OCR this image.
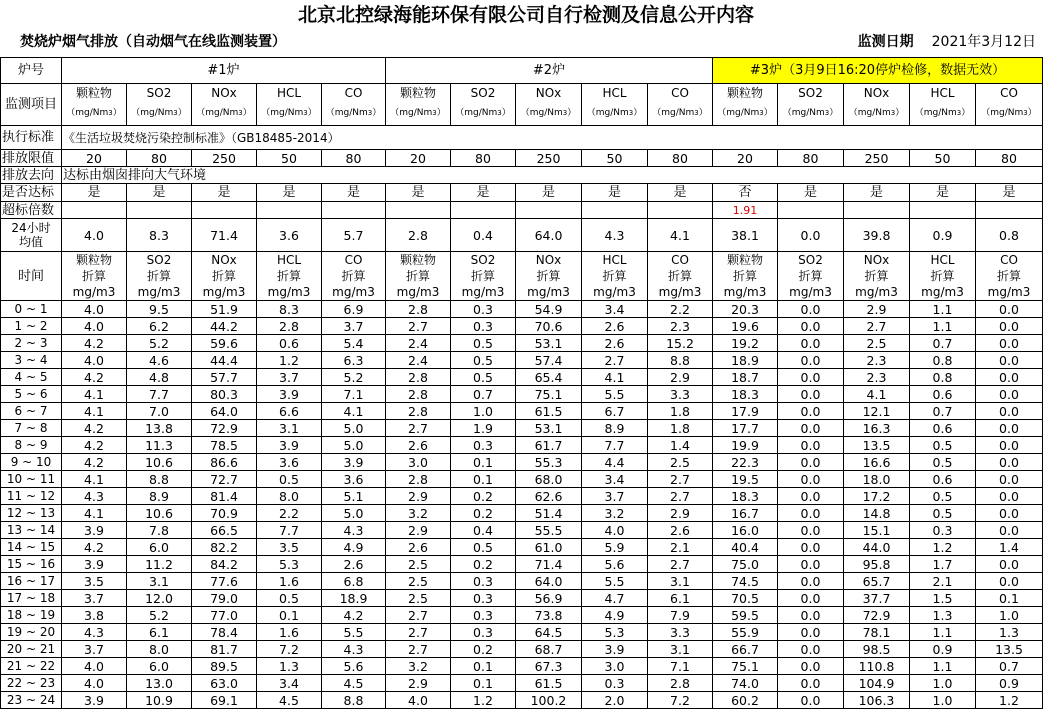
北京北控绿海能环保有限公司自行检测及信息公开内容
焚烧炉烟气排放（自动烟气在线监测装置）	监测日期 2021年3月12日
炉号	#1炉					#2炉					#3炉（3月9日16:20停炉检修，数据无效）				
监测项目	颗粒物	SO2	NOx	HCL	CO	颗粒物	SO2	NOx	HCL	CO	颗粒物	SO2	NOx	HCL	CO
	（mg/Nm$^3$）	（mg/Nm$^3$）	（mg/Nm$^3$）	（mg/Nm$^3$）	（mg/Nm$^3$）	（mg/Nm$^3$）	（mg/Nm$^3$）	（mg/Nm$^3$）	（mg/Nm$^3$）	（mg/Nm$^3$）	（mg/Nm$^3$）	（mg/Nm$^3$）	（mg/Nm$^3$）	（mg/Nm$^3$）	（mg/Nm$^3$）
执行标准	《生活垃圾焚烧污染控制标准》（GB18485-2014）														
排放限值	20	80	250	50	80	20	80	250	50	80	20	80	250	50	80
排放去向	达标由烟囱排向大气环境														
是否达标	是	是	是	是	是	是	是	是	是	是	否	是	是	是	是
超标倍数											1.91				
24小时
均值	4.0	8.3	71.4	3.6	5.7	2.8	0.4	64.0	4.3	4.1	38.1	0.0	39.8	0.9	0.8
时间	颗粒物	SO2	NOx	HCL	CO	颗粒物	SO2	NOx	HCL	CO	颗粒物	SO2	NOx	HCL	CO
	折算	折算	折算	折算	折算	折算	折算	折算	折算	折算	折算	折算	折算	折算	折算
	mg/m3	mg/m3	mg/m3	mg/m3	mg/m3	mg/m3	mg/m3	mg/m3	mg/m3	mg/m3	mg/m3	mg/m3	mg/m3	mg/m3	mg/m3
0 ~ 1	4.0	9.5	51.9	8.3	6.9	2.8	0.3	54.9	3.4	2.2	20.3	0.0	2.9	1.1	0.0
1 ~ 2	4.0	6.2	44.2	2.8	3.7	2.7	0.3	70.6	2.6	2.3	19.6	0.0	2.7	1.1	0.0
2 ~ 3	4.2	5.2	59.6	0.6	5.4	2.4	0.5	53.1	2.6	15.2	19.2	0.0	2.5	0.7	0.0
3 ~ 4	4.0	4.6	44.4	1.2	6.3	2.4	0.5	57.4	2.7	8.8	18.9	0.0	2.3	0.8	0.0
4 ~ 5	4.2	4.8	57.7	3.7	5.2	2.8	0.5	65.4	4.1	2.9	18.7	0.0	2.3	0.8	0.0
5 ~ 6	4.1	7.7	80.3	3.9	7.1	2.8	0.7	75.1	5.5	3.3	18.3	0.0	4.1	0.6	0.0
6 ~ 7	4.1	7.0	64.0	6.6	4.1	2.8	1.0	61.5	6.7	1.8	17.9	0.0	12.1	0.7	0.0
7 ~ 8	4.2	13.8	72.9	3.1	5.0	2.7	1.9	53.1	8.9	1.8	17.7	0.0	16.3	0.6	0.0
8 ~ 9	4.2	11.3	78.5	3.9	5.0	2.6	0.3	61.7	7.7	1.4	19.9	0.0	13.5	0.5	0.0
9 ~ 10	4.2	10.6	86.6	3.6	3.9	3.0	0.1	55.3	4.4	2.5	22.3	0.0	16.6	0.5	0.0
10 ~ 11	4.1	8.8	72.7	0.5	3.6	2.8	0.1	68.0	3.4	2.7	19.5	0.0	18.0	0.6	0.0
11 ~ 12	4.3	8.9	81.4	8.0	5.1	2.9	0.2	62.6	3.7	2.7	18.3	0.0	17.2	0.5	0.0
12 ~ 13	4.1	10.6	70.9	2.2	5.0	3.2	0.2	51.4	3.2	2.9	16.7	0.0	14.8	0.5	0.0
13 ~ 14	3.9	7.8	66.5	7.7	4.3	2.9	0.4	55.5	4.0	2.6	16.0	0.0	15.1	0.3	0.0
14 ~ 15	4.2	6.0	82.2	3.5	4.9	2.6	0.5	61.0	5.9	2.1	40.4	0.0	44.0	1.2	1.4
15 ~ 16	3.9	11.2	84.2	5.3	2.6	2.5	0.2	71.4	5.6	2.7	75.0	0.0	95.8	1.7	0.0
16 ~ 17	3.5	3.1	77.6	1.6	6.8	2.5	0.3	64.0	5.5	3.1	74.5	0.0	65.7	2.1	0.0
17 ~ 18	3.7	12.0	79.0	0.5	18.9	2.5	0.3	56.9	4.7	6.1	70.5	0.0	37.7	1.5	0.1
18 ~ 19	3.8	5.2	77.0	0.1	4.2	2.7	0.3	73.8	4.9	7.9	59.5	0.0	72.9	1.3	1.0
19 ~ 20	4.3	6.1	78.4	1.6	5.5	2.7	0.3	64.5	5.3	3.3	55.9	0.0	78.1	1.1	1.3
20 ~ 21	3.7	8.0	81.7	7.2	4.3	2.7	0.2	68.7	3.9	3.1	66.7	0.0	98.5	0.9	13.5
21 ~ 22	4.0	6.0	89.5	1.3	5.6	3.2	0.1	67.3	3.0	7.1	75.1	0.0	110.8	1.1	0.7
22 ~ 23	4.0	13.0	63.0	3.4	4.5	2.9	0.1	61.5	0.3	2.8	74.0	0.0	104.9	1.0	0.9
23 ~ 24	3.9	10.9	69.1	4.5	8.8	4.0	1.2	100.2	2.0	7.2	60.2	0.0	106.3	1.0	1.2
